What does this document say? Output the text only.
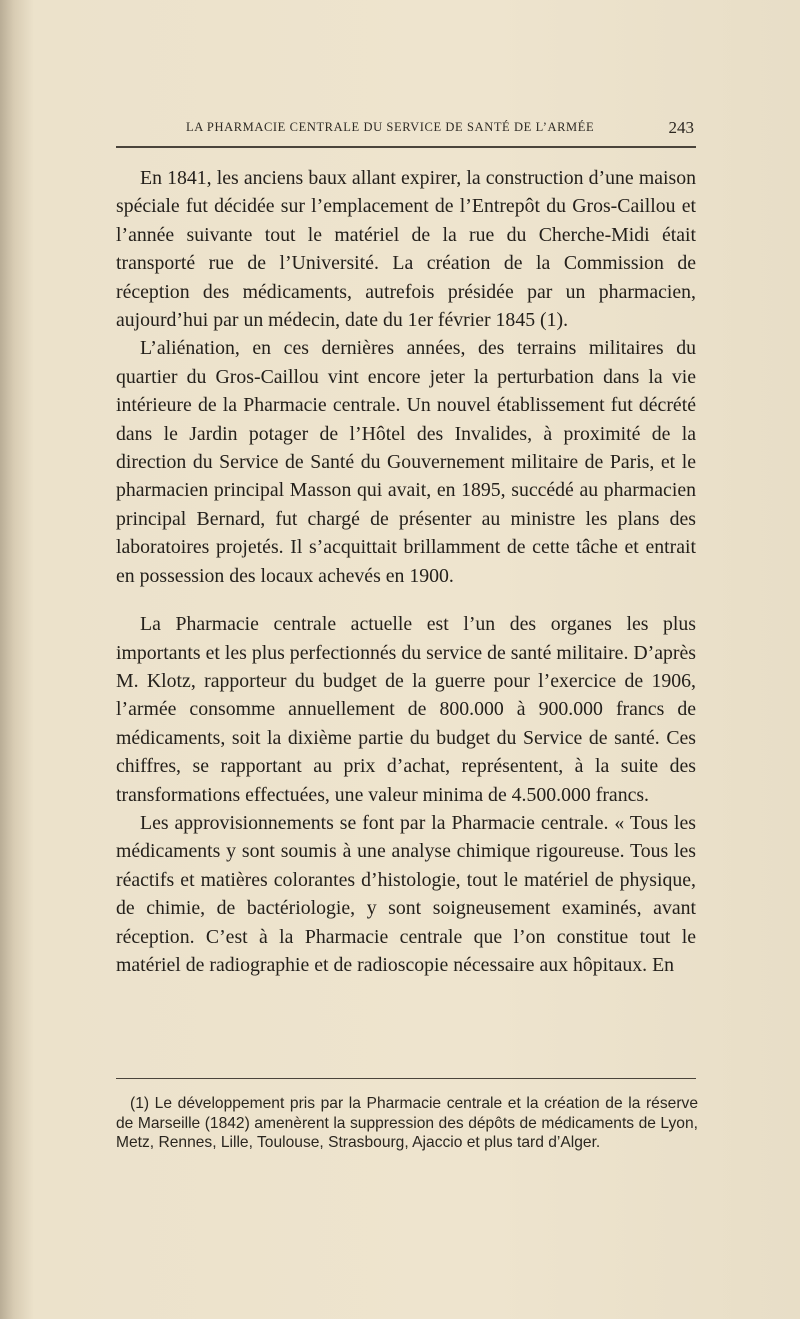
LA PHARMACIE CENTRALE DU SERVICE DE SANTÉ DE L’ARMÉE	243

En 1841, les anciens baux allant expirer, la construction d’une maison spéciale fut décidée sur l’emplacement de l’Entrepôt du Gros-Caillou et l’année suivante tout le matériel de la rue du Cherche-Midi était transporté rue de l’Université. La création de la Commission de réception des médicaments, autrefois présidée par un pharmacien, aujourd’hui par un médecin, date du 1er février 1845 (1).

L’aliénation, en ces dernières années, des terrains militaires du quartier du Gros-Caillou vint encore jeter la perturbation dans la vie intérieure de la Pharmacie centrale. Un nouvel établissement fut décrété dans le Jardin potager de l’Hôtel des Invalides, à proximité de la direction du Service de Santé du Gouvernement militaire de Paris, et le pharmacien principal Masson qui avait, en 1895, succédé au pharmacien principal Bernard, fut chargé de présenter au ministre les plans des laboratoires projetés. Il s’acquittait brillamment de cette tâche et entrait en possession des locaux achevés en 1900.

La Pharmacie centrale actuelle est l’un des organes les plus importants et les plus perfectionnés du service de santé militaire. D’après M. Klotz, rapporteur du budget de la guerre pour l’exercice de 1906, l’armée consomme annuellement de 800.000 à 900.000 francs de médicaments, soit la dixième partie du budget du Service de santé. Ces chiffres, se rapportant au prix d’achat, représentent, à la suite des transformations effectuées, une valeur minima de 4.500.000 francs.

Les approvisionnements se font par la Pharmacie centrale. « Tous les médicaments y sont soumis à une analyse chimique rigoureuse. Tous les réactifs et matières colorantes d’histologie, tout le matériel de physique, de chimie, de bactériologie, y sont soigneusement examinés, avant réception. C’est à la Pharmacie centrale que l’on constitue tout le matériel de radiographie et de radioscopie nécessaire aux hôpitaux. En

(1) Le développement pris par la Pharmacie centrale et la création de la réserve de Marseille (1842) amenèrent la suppression des dépôts de médicaments de Lyon, Metz, Rennes, Lille, Toulouse, Strasbourg, Ajaccio et plus tard d’Alger.
